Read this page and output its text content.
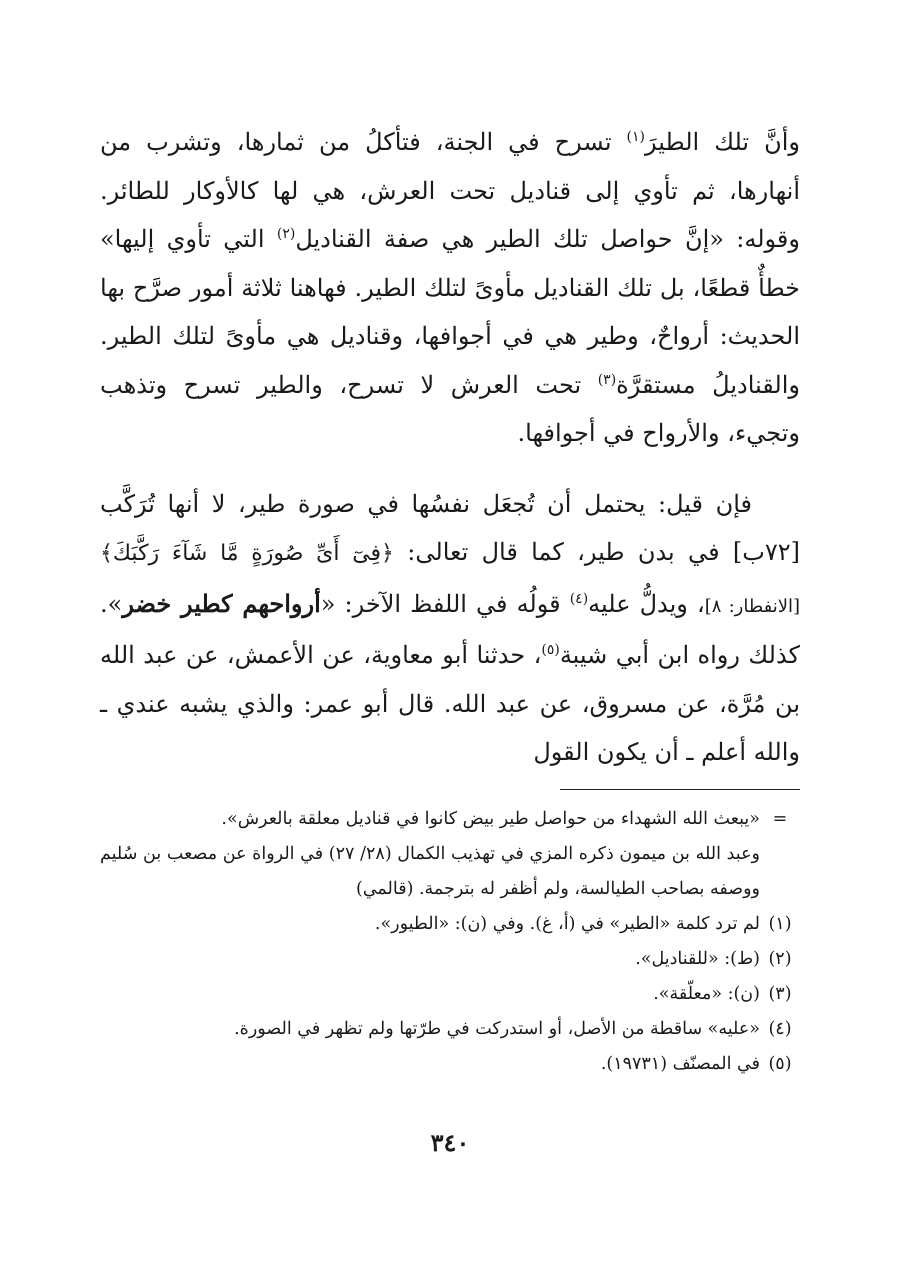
وأنَّ تلك الطيرَ$^{(١)}$ تسرح في الجنة، فتأكلُ من ثمارها، وتشرب من أنهارها، ثم تأوي إلى قناديل تحت العرش، هي لها كالأوكار للطائر. وقوله: «إنَّ حواصل تلك الطير هي صفة القناديل$^{(٢)}$ التي تأوي إليها» خطأٌ قطعًا، بل تلك القناديل مأوىً لتلك الطير. فهاهنا ثلاثة أمور صرَّح بها الحديث: أرواحٌ، وطير هي في أجوافها، وقناديل هي مأوىً لتلك الطير. والقناديلُ مستقرَّة$^{(٣)}$ تحت العرش لا تسرح، والطير تسرح وتذهب وتجيء، والأرواح في أجوافها.

فإن قيل: يحتمل أن تُجعَل نفسُها في صورة طير، لا أنها تُرَكَّب [٧٢ب] في بدن طير، كما قال تعالى: ﴿فِىٓ أَىِّ صُورَةٍ مَّا شَآءَ رَكَّبَكَ﴾ [الانفطار: ٨]، ويدلُّ عليه$^{(٤)}$ قولُه في اللفظ الآخر: «أرواحهم كطير خضر». كذلك رواه ابن أبي شيبة$^{(٥)}$، حدثنا أبو معاوية، عن الأعمش، عن عبد الله بن مُرَّة، عن مسروق، عن عبد الله. قال أبو عمر: والذي يشبه عندي ـ والله أعلم ـ أن يكون القول

=
«يبعث الله الشهداء من حواصل طير بيض كانوا في قناديل معلقة بالعرش».
وعبد الله بن ميمون ذكره المزي في تهذيب الكمال (٢٨/ ٢٧) في الرواة عن مصعب بن سُليم ووصفه بصاحب الطيالسة، ولم أظفر له بترجمة. (قالمي)
(١)
لم ترد كلمة «الطير» في (أ، غ). وفي (ن): «الطيور».
(٢)
(ط): «للقناديل».
(٣)
(ن): «معلّقة».
(٤)
«عليه» ساقطة من الأصل، أو استدركت في طرّتها ولم تظهر في الصورة.
(٥)
في المصنّف (١٩٧٣١).
٣٤٠
